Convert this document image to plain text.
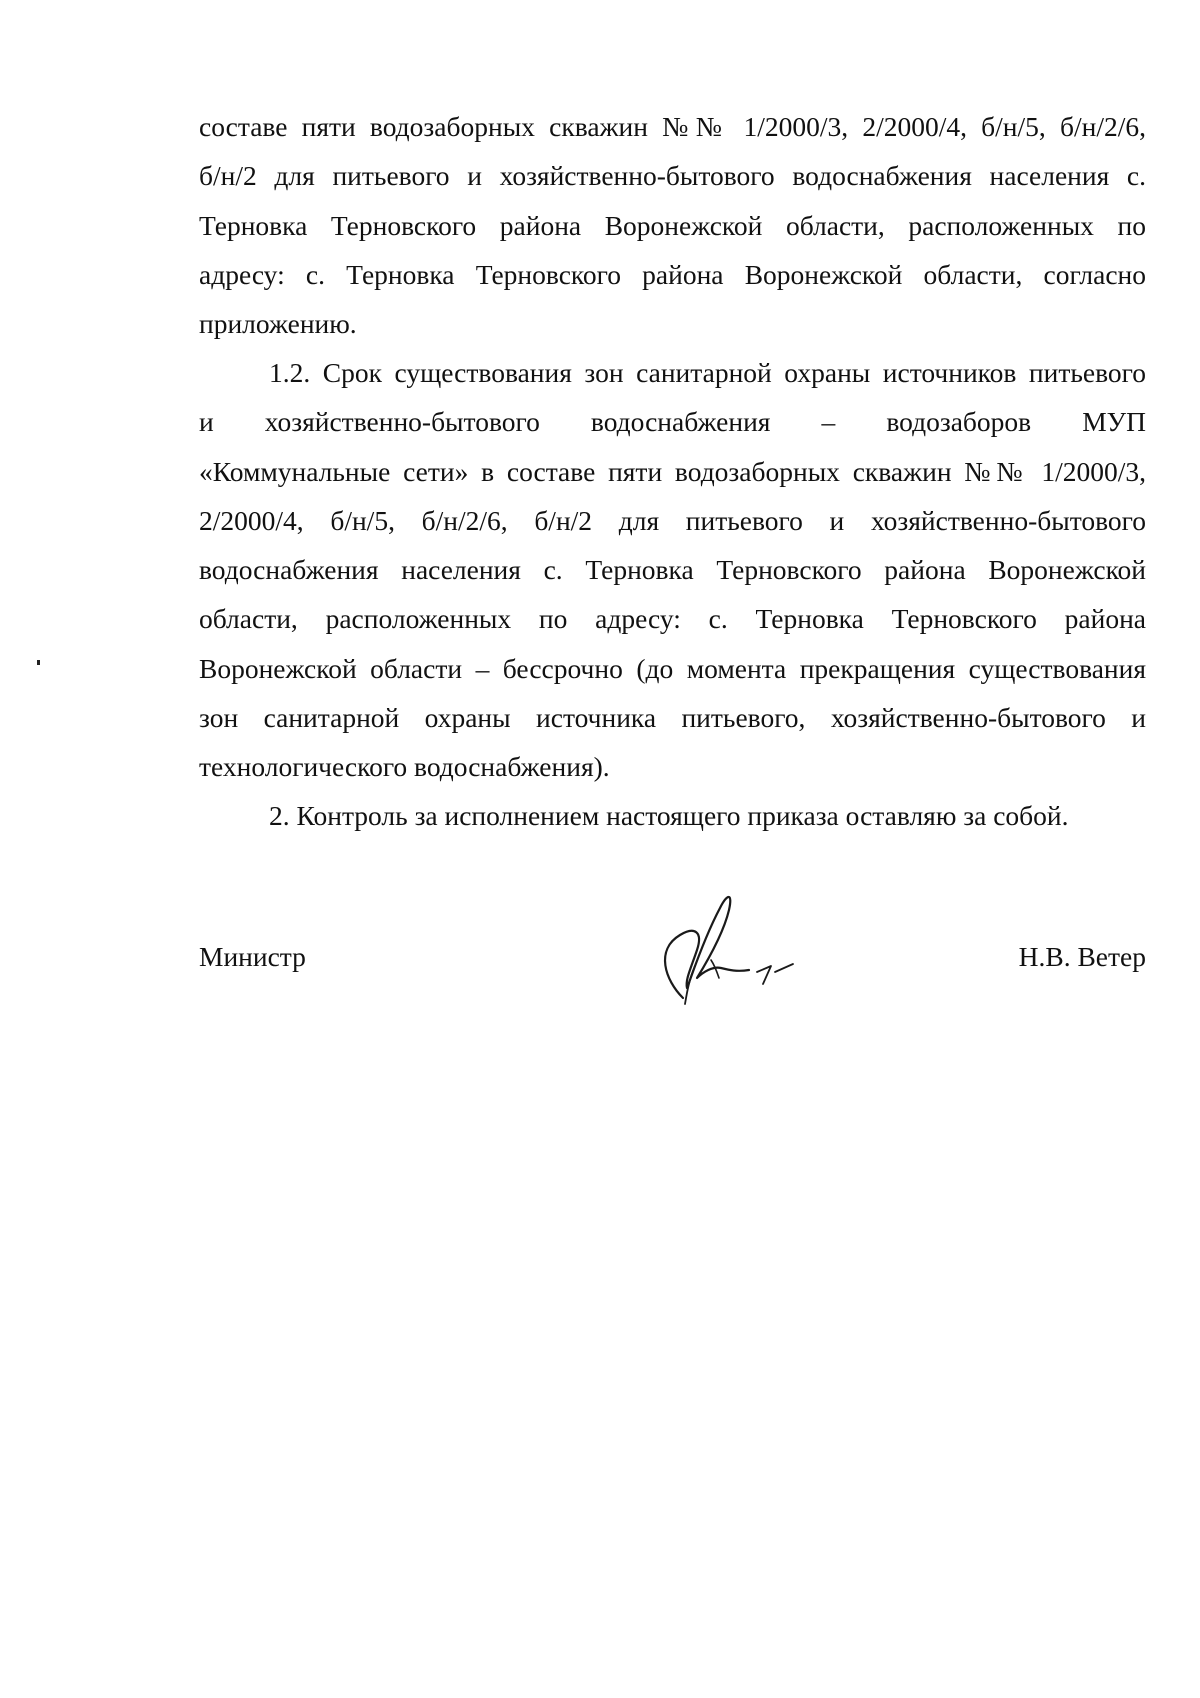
составе пяти водозаборных скважин №№ 1/2000/3, 2/2000/4, б/н/5, б/н/2/6,
б/н/2 для питьевого и хозяйственно-бытового водоснабжения населения с.
Терновка Терновского района Воронежской области, расположенных по
адресу: с. Терновка Терновского района Воронежской области, согласно
приложению.
1.2. Срок существования зон санитарной охраны источников питьевого
и хозяйственно-бытового водоснабжения – водозаборов МУП
«Коммунальные сети» в составе пяти водозаборных скважин №№ 1/2000/3,
2/2000/4, б/н/5, б/н/2/6, б/н/2 для питьевого и хозяйственно-бытового
водоснабжения населения с. Терновка Терновского района Воронежской
области, расположенных по адресу: с. Терновка Терновского района
Воронежской области – бессрочно (до момента прекращения существования
зон санитарной охраны источника питьевого, хозяйственно-бытового и
технологического водоснабжения).
2. Контроль за исполнением настоящего приказа оставляю за собой.
Министр	Н.В. Ветер
